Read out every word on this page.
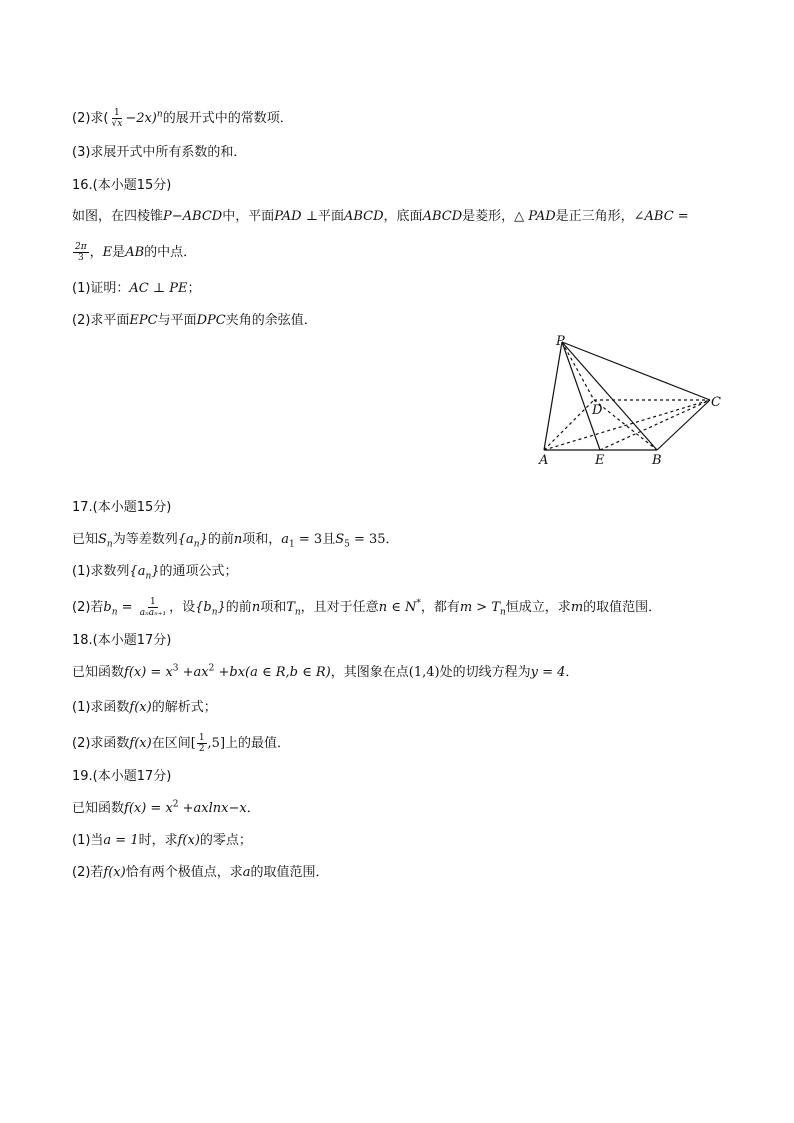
(2)求( $\frac{1}{√x} -2x)^n$的展开式中的常数项．
(3)求展开式中所有系数的和．
16.(本小题15分)
如图，在四棱锥P−ABCD中，平面PAD ⊥平面ABCD，底面ABCD是菱形，△ PAD是正三角形，∠ABC =
$\frac{2\pi}{3}$ ，E是AB的中点．
(1)证明：AC ⊥ PE；
(2)求平面EPC与平面DPC夹角的余弦值．
P
D
C
A	E	B
17.(本小题15分)
已知$S_n$为等差数列$\{a_n\}$的前n项和，$a_1 = 3$且$S_5 = 35$．
(1)求数列$\{a_n\}$的通项公式；
(2)若$b_n = \frac{1}{\text{aₙaₙ₊₁}}$ ，设$\{b_n\}$的前n项和$T_n$，且对于任意n ∈ N*，都有$m > T_n$恒成立，求m的取值范围．
18.(本小题17分)
已知函数$f(x) = x^3 +ax^2 +bx(a$ ∈ R,b ∈ R)，其图象在点(1,4)处的切线方程为y = 4．
(1)求函数f(x)的解析式；
(2)求函数f(x)在区间[ $\frac{1}{2} ,5$]上的最值．
19.(本小题17分)
已知函数$f(x) = x^2 +axlnx-x$．
(1)当a = 1时，求f(x)的零点；
(2)若f(x)恰有两个极值点，求a的取值范围．
